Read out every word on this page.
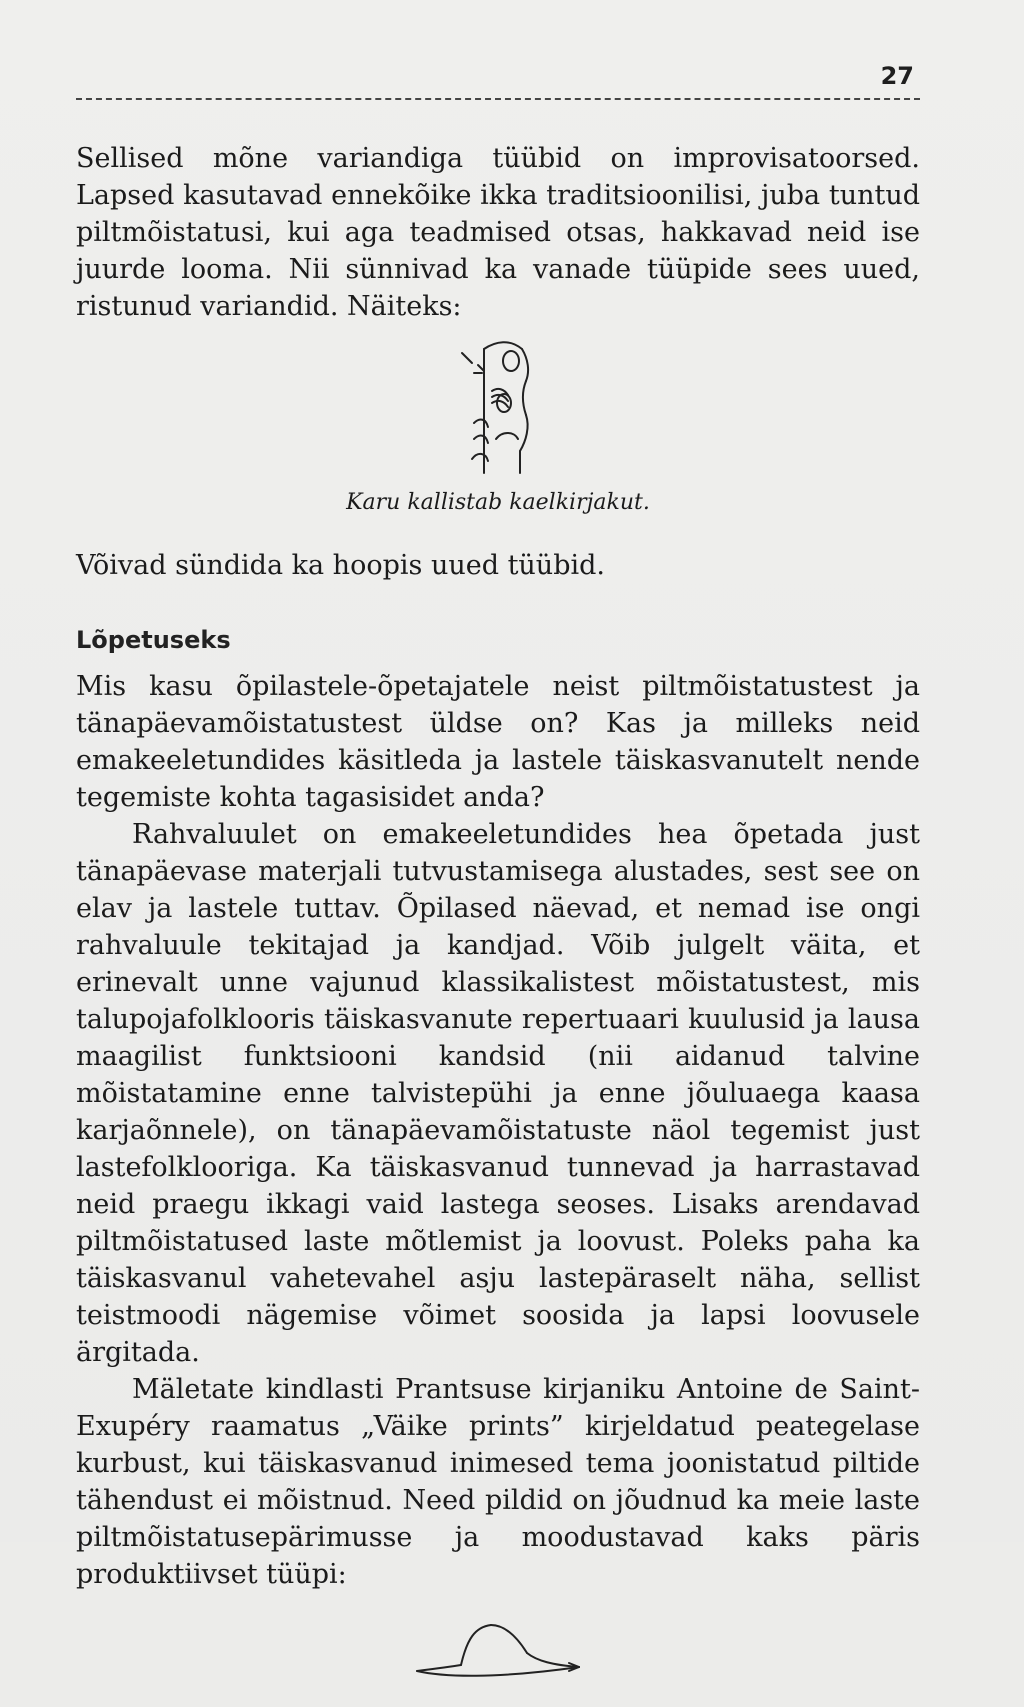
27

Sellised mõne variandiga tüübid on improvisatoorsed. Lapsed kasutavad ennekõike ikka traditsioonilisi, juba tuntud piltmõistatusi, kui aga teadmised otsas, hakkavad neid ise juurde looma. Nii sünnivad ka vanade tüüpide sees uued, ristunud variandid. Näiteks:

Karu kallistab kaelkirjakut.

Võivad sündida ka hoopis uued tüübid.

Lõpetuseks

Mis kasu õpilastele-õpetajatele neist piltmõistatustest ja tänapäevamõistatustest üldse on? Kas ja milleks neid emakeeletundides käsitleda ja lastele täiskasvanutelt nende tegemiste kohta tagasisidet anda?

Rahvaluulet on emakeeletundides hea õpetada just tänapäevase materjali tutvustamisega alustades, sest see on elav ja lastele tuttav. Õpilased näevad, et nemad ise ongi rahvaluule tekitajad ja kandjad. Võib julgelt väita, et erinevalt unne vajunud klassikalistest mõistatustest, mis talupojafolklooris täiskasvanute repertuaari kuulusid ja lausa maagilist funktsiooni kandsid (nii aidanud talvine mõistatamine enne talvistepühi ja enne jõuluaega kaasa karjaõnnele), on tänapäevamõistatuste näol tegemist just lastefolklooriga. Ka täiskasvanud tunnevad ja harrastavad neid praegu ikkagi vaid lastega seoses. Lisaks arendavad piltmõistatused laste mõtlemist ja loovust. Poleks paha ka täiskasvanul vahetevahel asju lastepäraselt näha, sellist teistmoodi nägemise võimet soosida ja lapsi loovusele ärgitada.

Mäletate kindlasti Prantsuse kirjaniku Antoine de Saint-Exupéry raamatus „Väike prints” kirjeldatud peategelase kurbust, kui täiskasvanud inimesed tema joonistatud piltide tähendust ei mõistnud. Need pildid on jõudnud ka meie laste piltmõistatusepärimusse ja moodustavad kaks päris produktiivset tüüpi:
